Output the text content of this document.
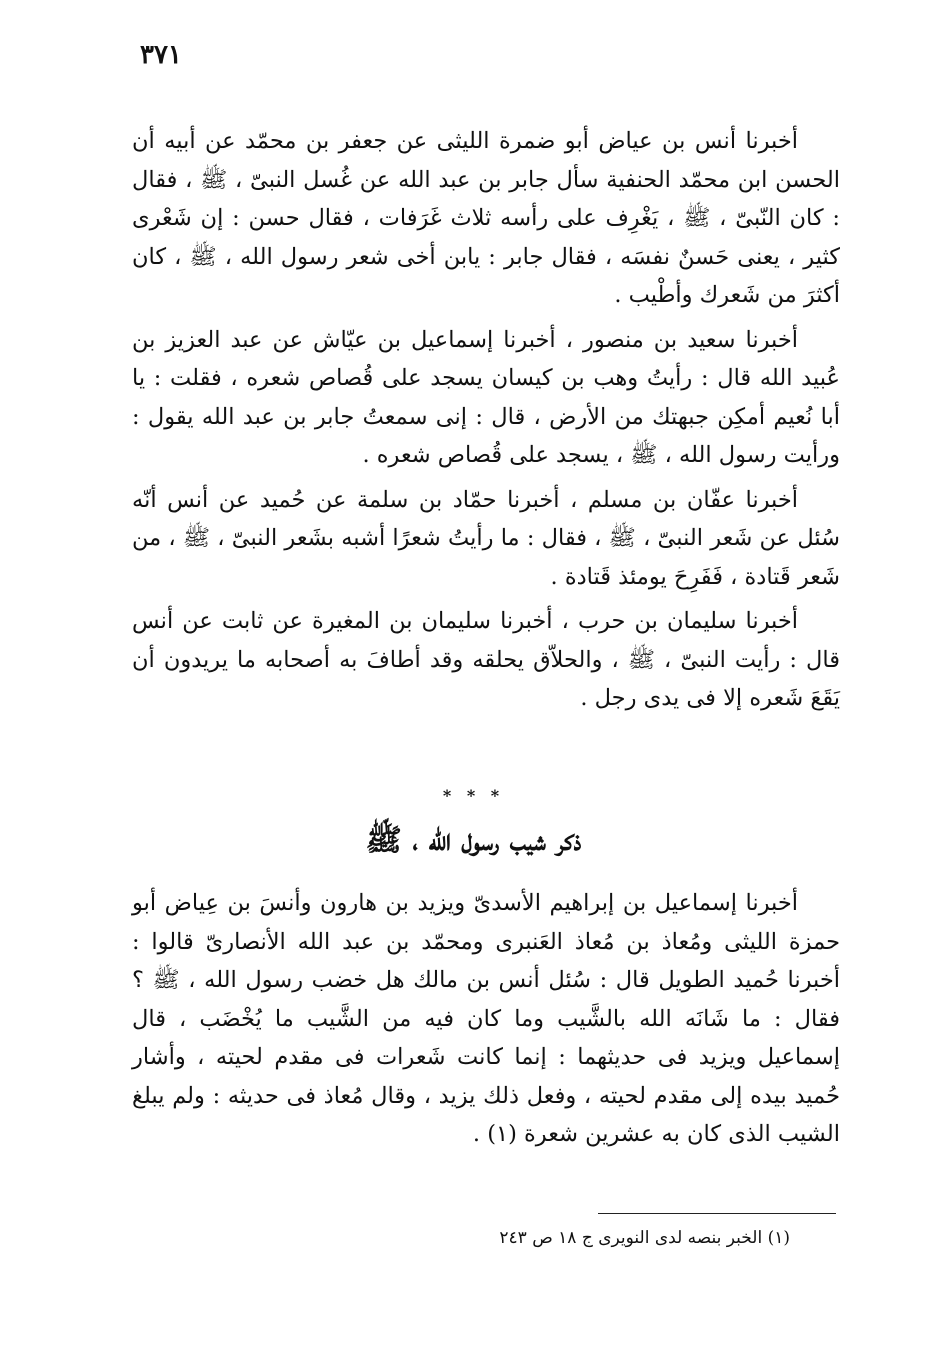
٣٧١

أخبرنا أنس بن عياض أبو ضمرة الليثى عن جعفر بن محمّد عن أبيه أن الحسن ابن محمّد الحنفية سأل جابر بن عبد الله عن غُسل النبىّ ، ﷺ ، فقال : كان النّبىّ ، ﷺ ، يَغْرِف على رأسه ثلاث غَرَفات ، فقال حسن : إن شَعْرى كثير ، يعنى حَسنٌ نفسَه ، فقال جابر : يابن أخى شعر رسول الله ، ﷺ ، كان أكثرَ من شَعرك وأطْيب .

أخبرنا سعيد بن منصور ، أخبرنا إسماعيل بن عيّاش عن عبد العزيز بن عُبيد الله قال : رأيتُ وهب بن كيسان يسجد على قُصاص شعره ، فقلت : يا أبا نُعيم أمكِن جبهتك من الأرض ، قال : إنى سمعتُ جابر بن عبد الله يقول : ورأيت رسول الله ، ﷺ ، يسجد على قُصاص شعره .

أخبرنا عفّان بن مسلم ، أخبرنا حمّاد بن سلمة عن حُميد عن أنس أنّه سُئل عن شَعر النبىّ ، ﷺ ، فقال : ما رأيتُ شعرًا أشبه بشَعر النبىّ ، ﷺ ، من شَعر قَتادة ، فَفَرِحَ يومئذ قَتادة .

أخبرنا سليمان بن حرب ، أخبرنا سليمان بن المغيرة عن ثابت عن أنس قال : رأيت النبىّ ، ﷺ ، والحلاّق يحلقه وقد أطافَ به أصحابه ما يريدون أن يَقَعَ شَعره إلا فى يدى رجل .

* * *
ذكر شيب رسول الله ، ﷺ

أخبرنا إسماعيل بن إبراهيم الأسدىّ ويزيد بن هارون وأنسَ بن عِياض أبو حمزة الليثى ومُعاذ بن مُعاذ العَنبرى ومحمّد بن عبد الله الأنصارىّ قالوا : أخبرنا حُميد الطويل قال : سُئل أنس بن مالك هل خضب رسول الله ، ﷺ ؟ فقال : ما شَانَه الله بالشَّيب وما كان فيه من الشَّيب ما يُخْضَب ، قال إسماعيل ويزيد فى حديثهما : إنما كانت شَعرات فى مقدم لحيته ، وأشار حُميد بيده إلى مقدم لحيته ، وفعل ذلك يزيد ، وقال مُعاذ فى حديثه : ولم يبلغ الشيب الذى كان به عشرين شعرة (١) .

(١) الخبر بنصه لدى النويرى ج ١٨ ص ٢٤٣
